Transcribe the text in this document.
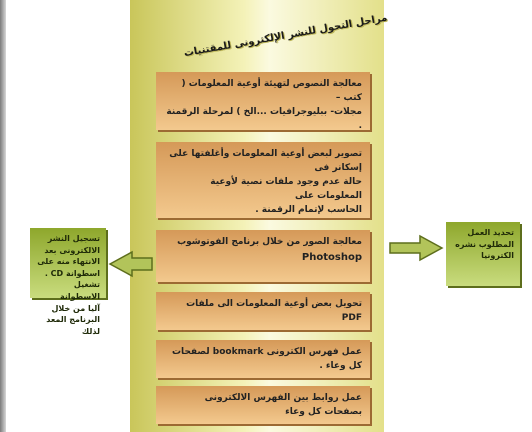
مراحل التحول للنشر الإلكترونى للمقتنيات
معالجة النصوص لتهيئة أوعية المعلومات ( كتب –
مجلات- ببليوجرافيات ...الخ ) لمرحلة الرقمنة .
تصوير لبعض أوعية المعلومات وأغلفتها على إسكانر فى
حالة عدم وجود ملفات نصية لأوعية المعلومات على
الحاسب لإتمام الرقمنة .
معالجة الصور من خلال برنامج الفوتوشوب
Photoshop
تحويل بعض أوعية المعلومات الى ملفات PDF
عمل فهرس الكترونى bookmark لصفحات كل وعاء .
عمل روابط بين الفهرس الالكترونى بصفحات كل وعاء
تحديد العمل
المطلوب نشره
الكترونيا
تسجيل النشر
الالكترونى بعد
الانتهاء منه على
اسطوانة CD .
تشغيل الاسطوانة
آليا من خلال
البرنامج المعد لذلك
